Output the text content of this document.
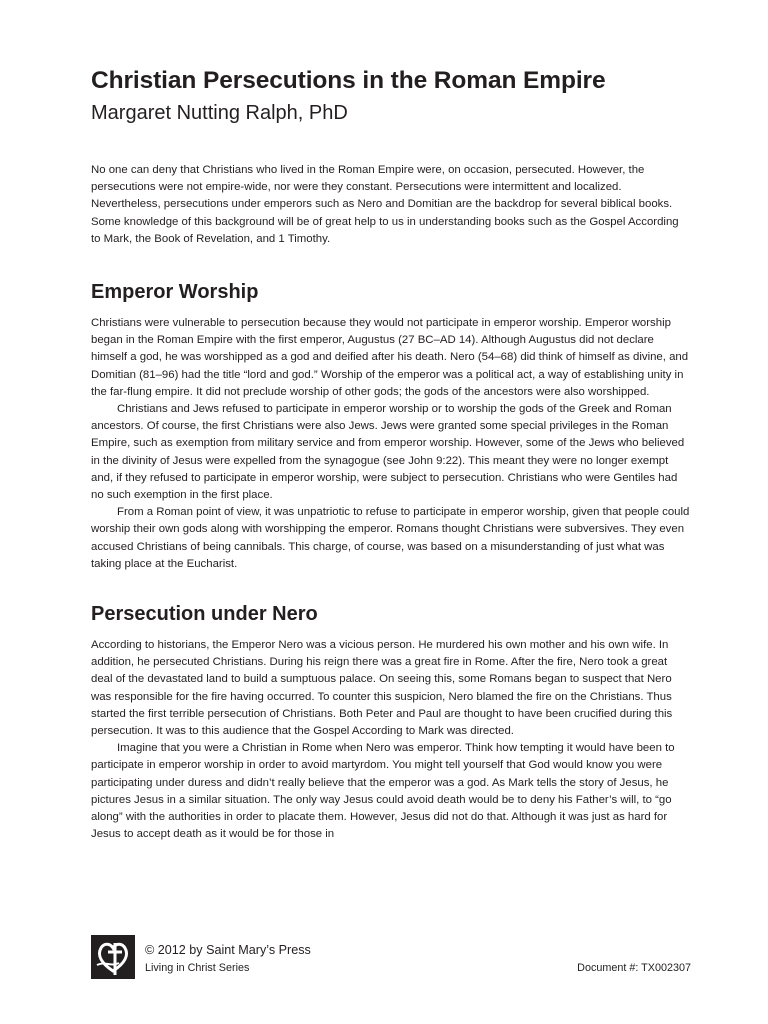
Christian Persecutions in the Roman Empire
Margaret Nutting Ralph, PhD

No one can deny that Christians who lived in the Roman Empire were, on occasion, persecuted. However, the persecutions were not empire-wide, nor were they constant. Persecutions were intermittent and localized. Nevertheless, persecutions under emperors such as Nero and Domitian are the backdrop for several biblical books. Some knowledge of this background will be of great help to us in understanding books such as the Gospel According to Mark, the Book of Revelation, and 1 Timothy.

Emperor Worship

Christians were vulnerable to persecution because they would not participate in emperor worship. Emperor worship began in the Roman Empire with the first emperor, Augustus (27 BC–AD 14). Although Augustus did not declare himself a god, he was worshipped as a god and deified after his death. Nero (54–68) did think of himself as divine, and Domitian (81–96) had the title “lord and god.” Worship of the emperor was a political act, a way of establishing unity in the far-flung empire. It did not preclude worship of other gods; the gods of the ancestors were also worshipped.

Christians and Jews refused to participate in emperor worship or to worship the gods of the Greek and Roman ancestors. Of course, the first Christians were also Jews. Jews were granted some special privileges in the Roman Empire, such as exemption from military service and from emperor worship. However, some of the Jews who believed in the divinity of Jesus were expelled from the synagogue (see John 9:22). This meant they were no longer exempt and, if they refused to participate in emperor worship, were subject to persecution. Christians who were Gentiles had no such exemption in the first place.

From a Roman point of view, it was unpatriotic to refuse to participate in emperor worship, given that people could worship their own gods along with worshipping the emperor. Romans thought Christians were subversives. They even accused Christians of being cannibals. This charge, of course, was based on a misunderstanding of just what was taking place at the Eucharist.

Persecution under Nero

According to historians, the Emperor Nero was a vicious person. He murdered his own mother and his own wife. In addition, he persecuted Christians. During his reign there was a great fire in Rome. After the fire, Nero took a great deal of the devastated land to build a sumptuous palace. On seeing this, some Romans began to suspect that Nero was responsible for the fire having occurred. To counter this suspicion, Nero blamed the fire on the Christians. Thus started the first terrible persecution of Christians. Both Peter and Paul are thought to have been crucified during this persecution. It was to this audience that the Gospel According to Mark was directed.

Imagine that you were a Christian in Rome when Nero was emperor. Think how tempting it would have been to participate in emperor worship in order to avoid martyrdom. You might tell yourself that God would know you were participating under duress and didn’t really believe that the emperor was a god. As Mark tells the story of Jesus, he pictures Jesus in a similar situation. The only way Jesus could avoid death would be to deny his Father’s will, to “go along” with the authorities in order to placate them. However, Jesus did not do that. Although it was just as hard for Jesus to accept death as it would be for those in

© 2012 by Saint Mary’s Press
Living in Christ Series	Document #: TX002307
